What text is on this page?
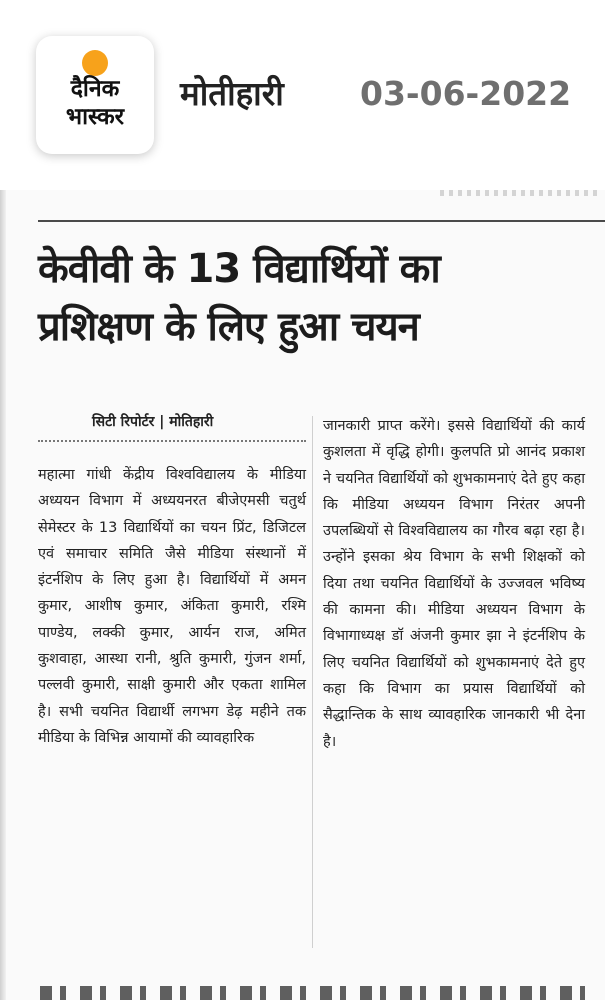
दैनिक
भास्कर
मोतीहारी 03-06-2022
केवीवी के 13 विद्यार्थियों का
प्रशिक्षण के लिए हुआ चयन
सिटी रिपोर्टर | मोतिहारी
महात्मा गांधी केंद्रीय विश्वविद्यालय के मीडिया अध्ययन विभाग में अध्ययनरत बीजेएमसी चतुर्थ सेमेस्टर के 13 विद्यार्थियों का चयन प्रिंट, डिजिटल एवं समाचार समिति जैसे मीडिया संस्थानों में इंटर्नशिप के लिए हुआ है। विद्यार्थियों में अमन कुमार, आशीष कुमार, अंकिता कुमारी, रश्मि पाण्डेय, लक्की कुमार, आर्यन राज, अमित कुशवाहा, आस्था रानी, श्रुति कुमारी, गुंजन शर्मा, पल्लवी कुमारी, साक्षी कुमारी और एकता शामिल है। सभी चयनित विद्यार्थी लगभग डेढ़ महीने तक मीडिया के विभिन्न आयामों की व्यावहारिक
जानकारी प्राप्त करेंगे। इससे विद्यार्थियों की कार्य कुशलता में वृद्धि होगी। कुलपति प्रो आनंद प्रकाश ने चयनित विद्यार्थियों को शुभकामनाएं देते हुए कहा कि मीडिया अध्ययन विभाग निरंतर अपनी उपलब्धियों से विश्वविद्यालय का गौरव बढ़ा रहा है। उन्होंने इसका श्रेय विभाग के सभी शिक्षकों को दिया तथा चयनित विद्यार्थियों के उज्जवल भविष्य की कामना की। मीडिया अध्ययन विभाग के विभागाध्यक्ष डॉ अंजनी कुमार झा ने इंटर्नशिप के लिए चयनित विद्यार्थियों को शुभकामनाएं देते हुए कहा कि विभाग का प्रयास विद्यार्थियों को सैद्धान्तिक के साथ व्यावहारिक जानकारी भी देना है।
